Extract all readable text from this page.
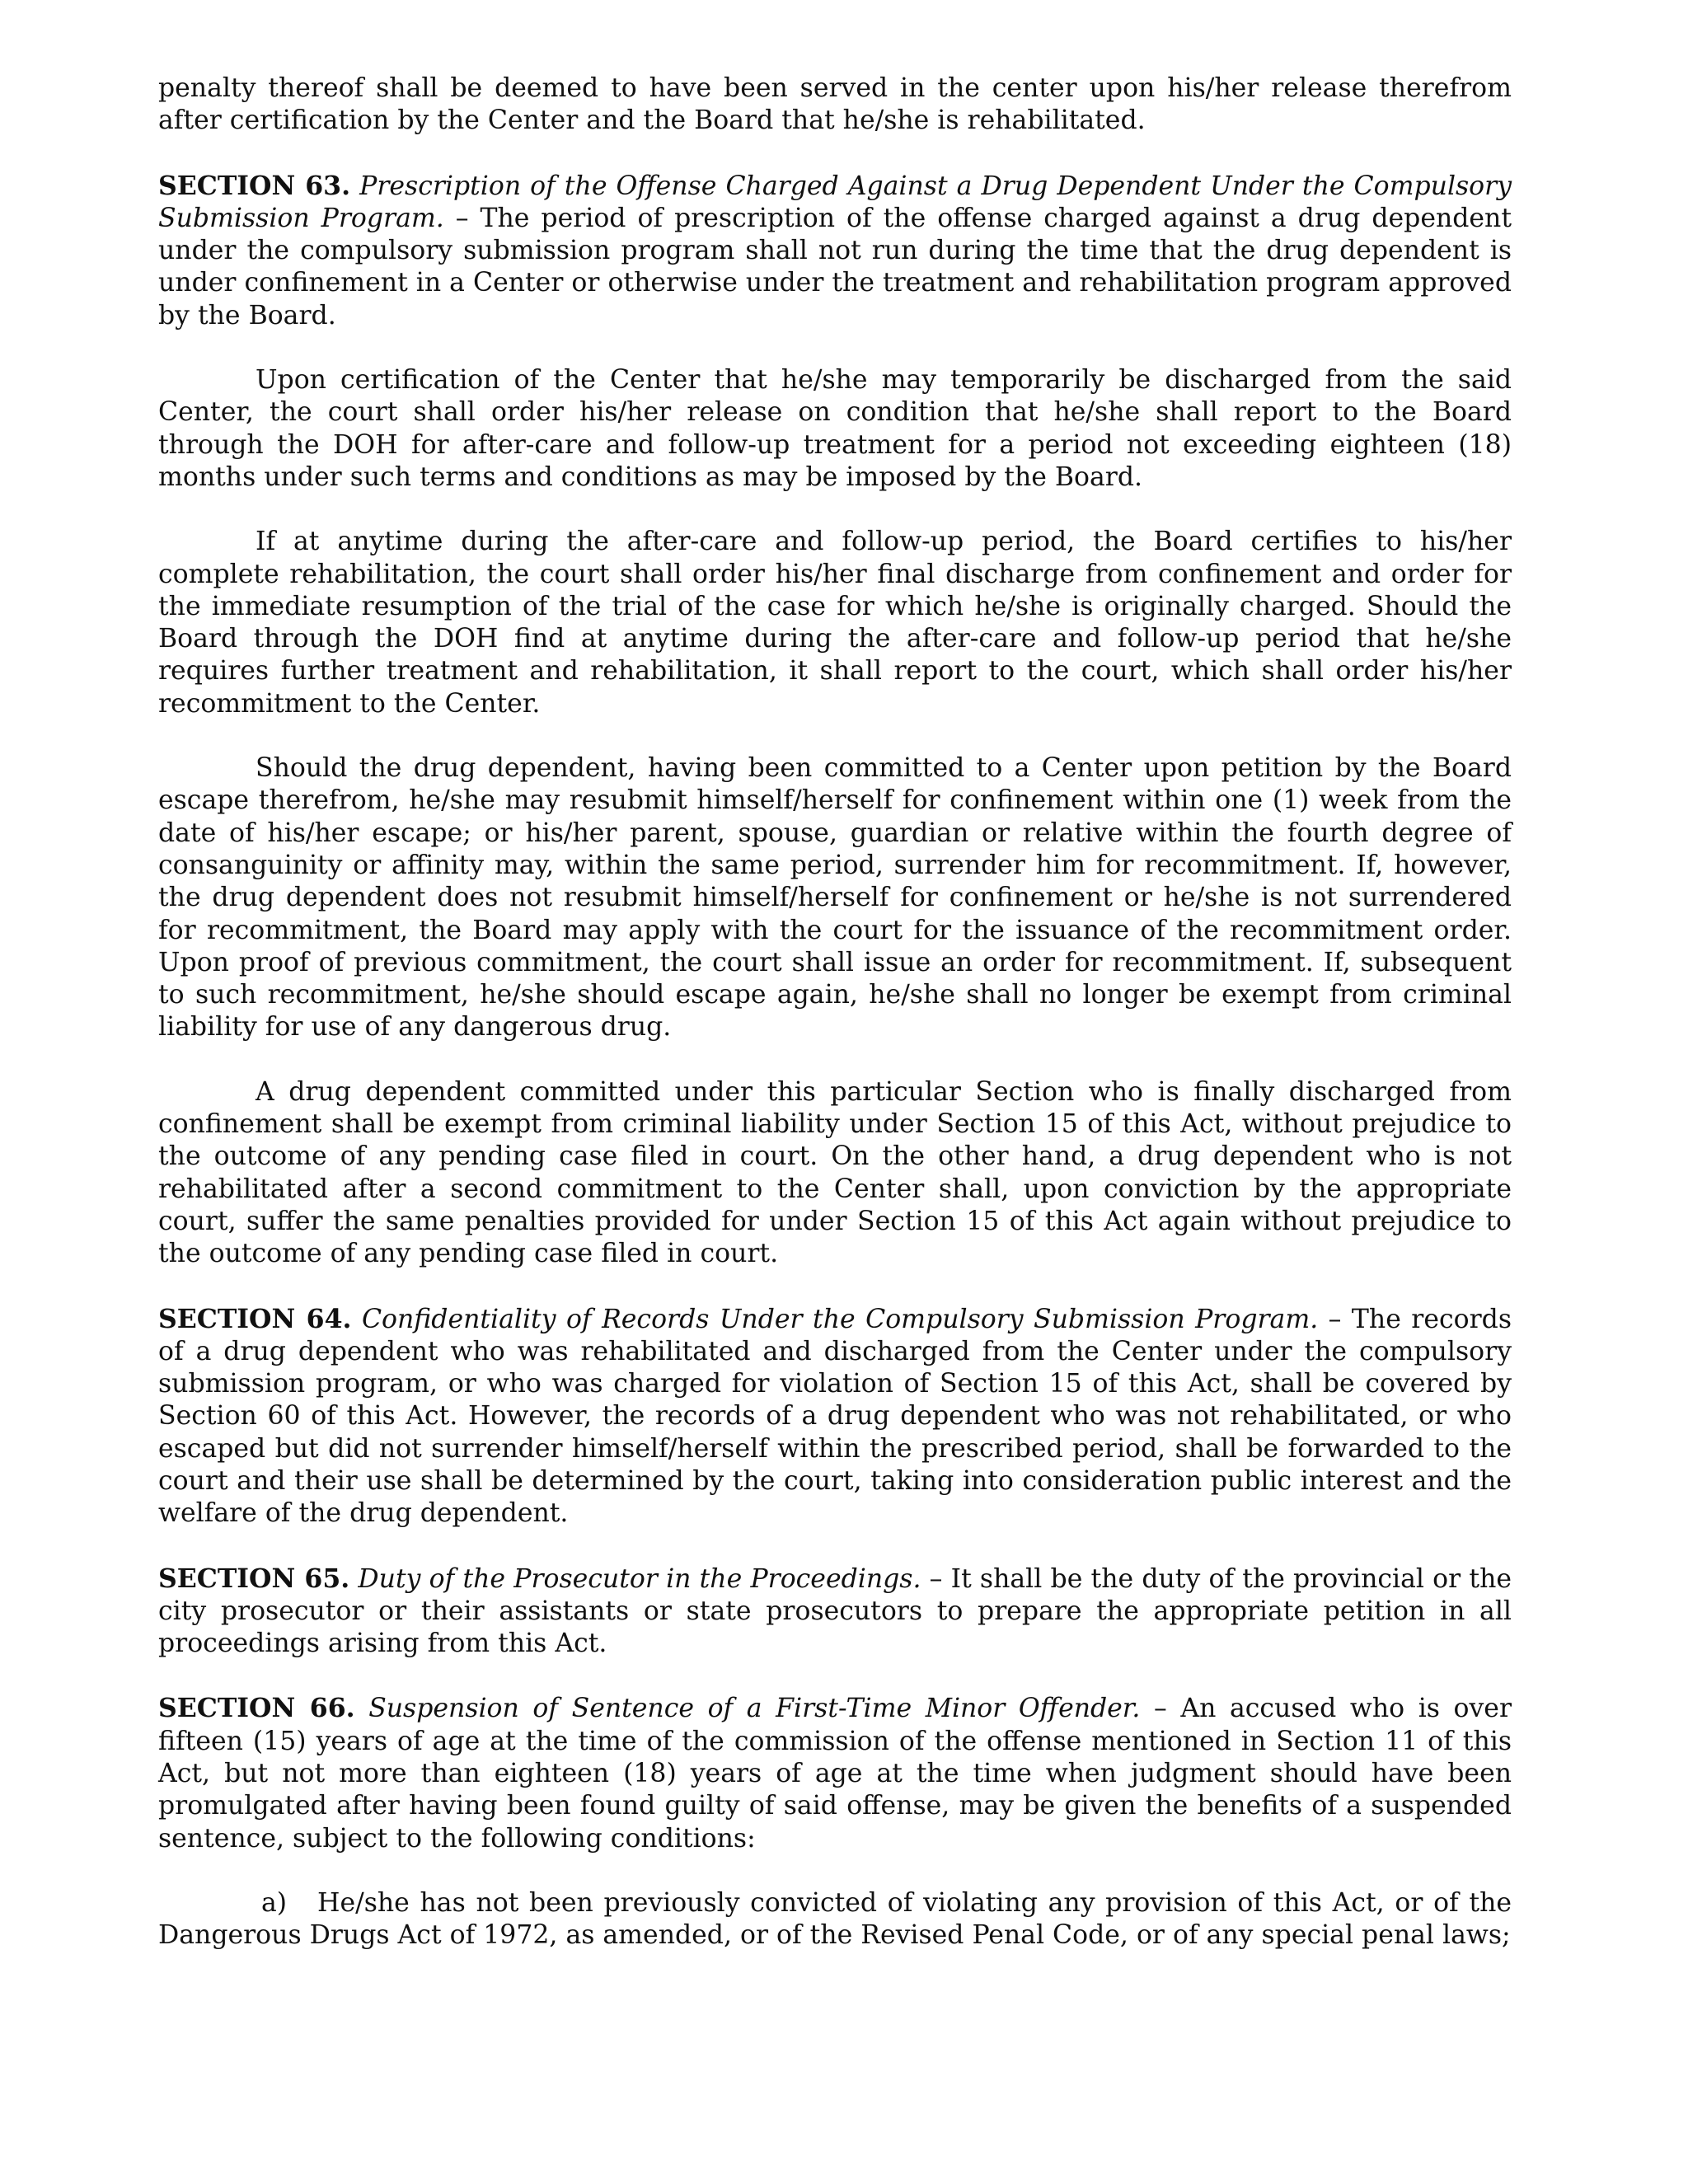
penalty thereof shall be deemed to have been served in the center upon his/her release therefrom after certification by the Center and the Board that he/she is rehabilitated.

SECTION 63. Prescription of the Offense Charged Against a Drug Dependent Under the Compulsory Submission Program. – The period of prescription of the offense charged against a drug dependent under the compulsory submission program shall not run during the time that the drug dependent is under confinement in a Center or otherwise under the treatment and rehabilitation program approved by the Board.

Upon certification of the Center that he/she may temporarily be discharged from the said Center, the court shall order his/her release on condition that he/she shall report to the Board through the DOH for after-care and follow-up treatment for a period not exceeding eighteen (18) months under such terms and conditions as may be imposed by the Board.

If at anytime during the after-care and follow-up period, the Board certifies to his/her complete rehabilitation, the court shall order his/her final discharge from confinement and order for the immediate resumption of the trial of the case for which he/she is originally charged. Should the Board through the DOH find at anytime during the after-care and follow-up period that he/she requires further treatment and rehabilitation, it shall report to the court, which shall order his/her recommitment to the Center.

Should the drug dependent, having been committed to a Center upon petition by the Board escape therefrom, he/she may resubmit himself/herself for confinement within one (1) week from the date of his/her escape; or his/her parent, spouse, guardian or relative within the fourth degree of consanguinity or affinity may, within the same period, surrender him for recommitment. If, however, the drug dependent does not resubmit himself/herself for confinement or he/she is not surrendered for recommitment, the Board may apply with the court for the issuance of the recommitment order. Upon proof of previous commitment, the court shall issue an order for recommitment. If, subsequent to such recommitment, he/she should escape again, he/she shall no longer be exempt from criminal liability for use of any dangerous drug.

A drug dependent committed under this particular Section who is finally discharged from confinement shall be exempt from criminal liability under Section 15 of this Act, without prejudice to the outcome of any pending case filed in court. On the other hand, a drug dependent who is not rehabilitated after a second commitment to the Center shall, upon conviction by the appropriate court, suffer the same penalties provided for under Section 15 of this Act again without prejudice to the outcome of any pending case filed in court.

SECTION 64. Confidentiality of Records Under the Compulsory Submission Program. – The records of a drug dependent who was rehabilitated and discharged from the Center under the compulsory submission program, or who was charged for violation of Section 15 of this Act, shall be covered by Section 60 of this Act. However, the records of a drug dependent who was not rehabilitated, or who escaped but did not surrender himself/herself within the prescribed period, shall be forwarded to the court and their use shall be determined by the court, taking into consideration public interest and the welfare of the drug dependent.

SECTION 65. Duty of the Prosecutor in the Proceedings. – It shall be the duty of the provincial or the city prosecutor or their assistants or state prosecutors to prepare the appropriate petition in all proceedings arising from this Act.

SECTION 66. Suspension of Sentence of a First-Time Minor Offender. – An accused who is over fifteen (15) years of age at the time of the commission of the offense mentioned in Section 11 of this Act, but not more than eighteen (18) years of age at the time when judgment should have been promulgated after having been found guilty of said offense, may be given the benefits of a suspended sentence, subject to the following conditions:

a) He/she has not been previously convicted of violating any provision of this Act, or of the Dangerous Drugs Act of 1972, as amended, or of the Revised Penal Code, or of any special penal laws;
